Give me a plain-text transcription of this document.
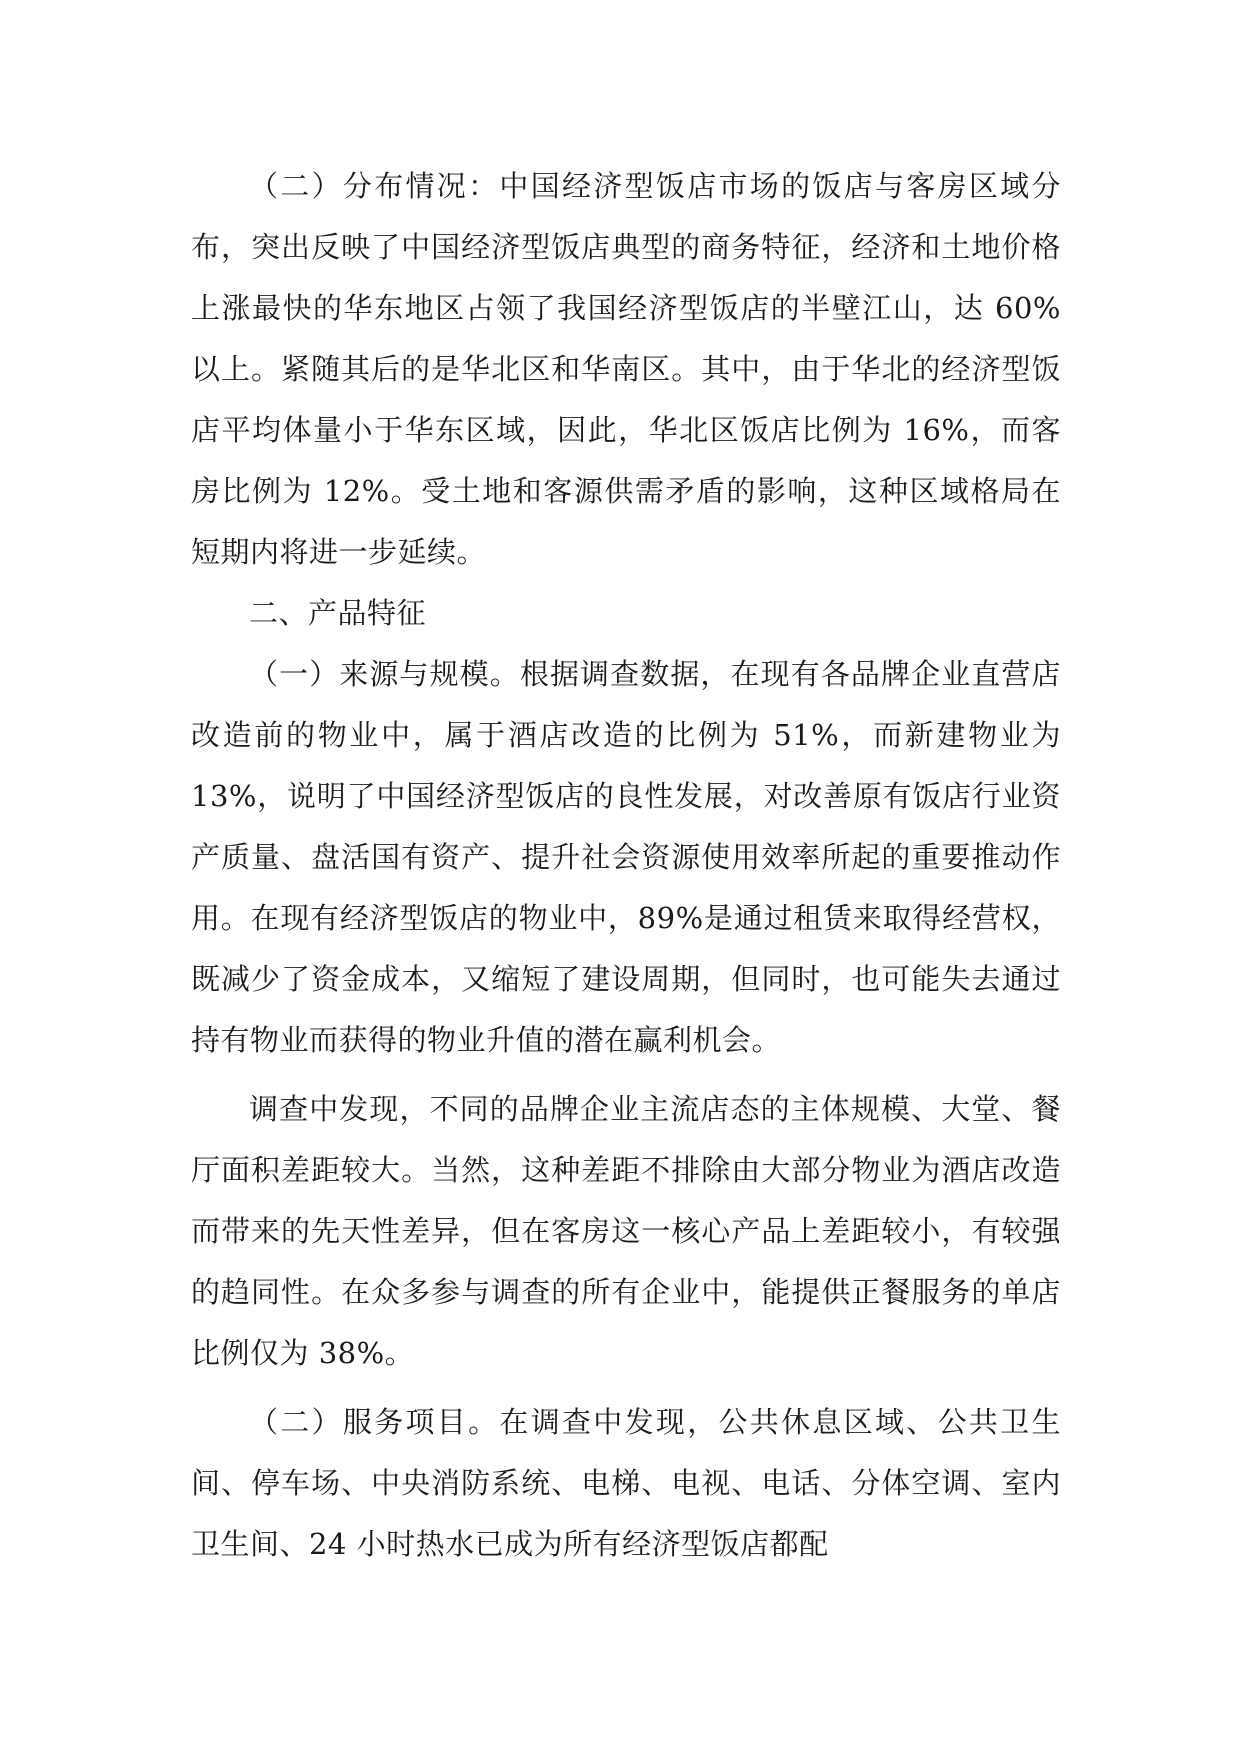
（二）分布情况：中国经济型饭店市场的饭店与客房区域分布，突出反映了中国经济型饭店典型的商务特征，经济和土地价格上涨最快的华东地区占领了我国经济型饭店的半壁江山，达 60%以上。紧随其后的是华北区和华南区。其中，由于华北的经济型饭店平均体量小于华东区域，因此，华北区饭店比例为 16%，而客房比例为 12%。受土地和客源供需矛盾的影响，这种区域格局在短期内将进一步延续。

二、产品特征

（一）来源与规模。根据调查数据，在现有各品牌企业直营店改造前的物业中，属于酒店改造的比例为 51%，而新建物业为 13%，说明了中国经济型饭店的良性发展，对改善原有饭店行业资产质量、盘活国有资产、提升社会资源使用效率所起的重要推动作用。在现有经济型饭店的物业中，89%是通过租赁来取得经营权，既减少了资金成本，又缩短了建设周期，但同时，也可能失去通过持有物业而获得的物业升值的潜在赢利机会。

调查中发现，不同的品牌企业主流店态的主体规模、大堂、餐厅面积差距较大。当然，这种差距不排除由大部分物业为酒店改造而带来的先天性差异，但在客房这一核心产品上差距较小，有较强的趋同性。在众多参与调查的所有企业中，能提供正餐服务的单店比例仅为 38%。

（二）服务项目。在调查中发现，公共休息区域、公共卫生间、停车场、中央消防系统、电梯、电视、电话、分体空调、室内卫生间、24 小时热水已成为所有经济型饭店都配
